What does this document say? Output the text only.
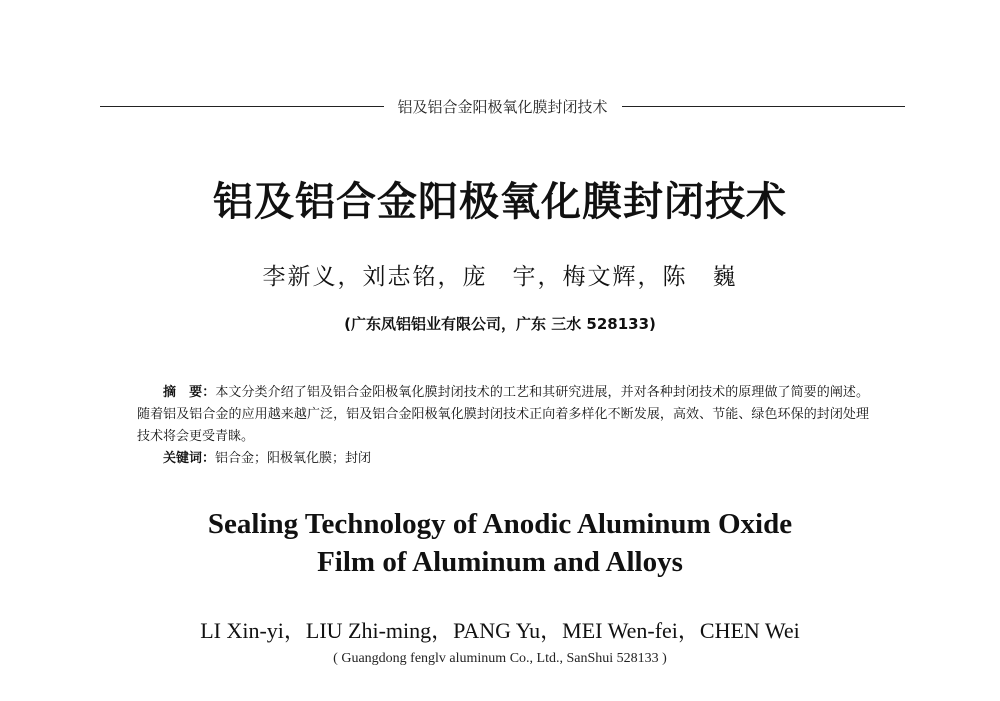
铝及铝合金阳极氧化膜封闭技术
铝及铝合金阳极氧化膜封闭技术
李新义，刘志铭，庞　宇，梅文辉，陈　巍
(广东凤铝铝业有限公司，广东 三水 528133)
摘　要：本文分类介绍了铝及铝合金阳极氧化膜封闭技术的工艺和其研究进展，并对各种封闭技术的原理做了简要的阐述。随着铝及铝合金的应用越来越广泛，铝及铝合金阳极氧化膜封闭技术正向着多样化不断发展，高效、节能、绿色环保的封闭处理技术将会更受青睐。
关键词：铝合金；阳极氧化膜；封闭
Sealing Technology of Anodic Aluminum Oxide
Film of Aluminum and Alloys
LI Xin-yi，LIU Zhi-ming，PANG Yu，MEI Wen-fei，CHEN Wei
( Guangdong fenglv aluminum Co., Ltd., SanShui 528133 )
